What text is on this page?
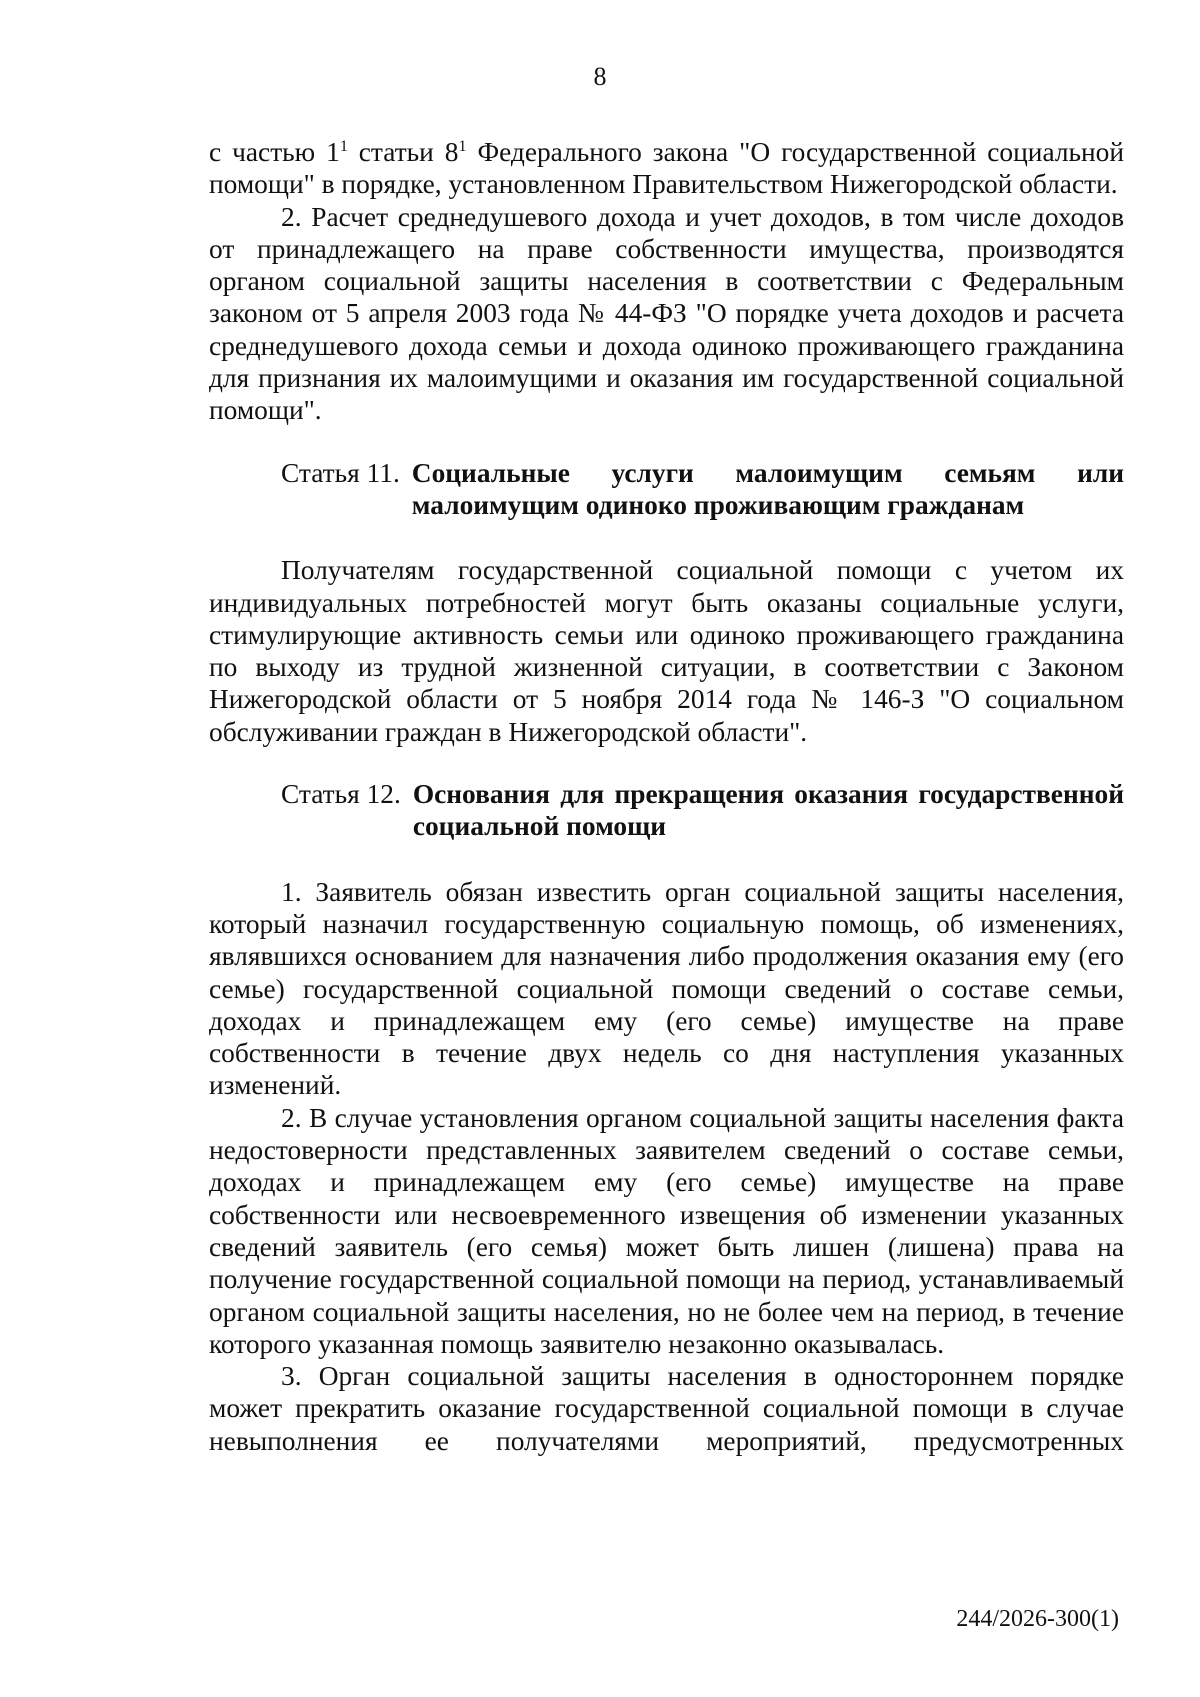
8

с частью $1^1$ статьи $8^1$ Федерального закона "О государственной социальной помощи" в порядке, установленном Правительством Нижегородской области.

2. Расчет среднедушевого дохода и учет доходов, в том числе доходов от принадлежащего на праве собственности имущества, производятся органом социальной защиты населения в соответствии с Федеральным законом от 5 апреля 2003 года № 44-ФЗ "О порядке учета доходов и расчета среднедушевого дохода семьи и дохода одиноко проживающего гражданина для признания их малоимущими и оказания им государственной социальной помощи".

Статья 11. Социальные услуги малоимущим семьям или малоимущим одиноко проживающим гражданам

Получателям государственной социальной помощи с учетом их индивидуальных потребностей могут быть оказаны социальные услуги, стимулирующие активность семьи или одиноко проживающего гражданина по выходу из трудной жизненной ситуации, в соответствии с Законом Нижегородской области от 5 ноября 2014 года № 146-З "О социальном обслуживании граждан в Нижегородской области".

Статья 12. Основания для прекращения оказания государственной социальной помощи

1. Заявитель обязан известить орган социальной защиты населения, который назначил государственную социальную помощь, об изменениях, являвшихся основанием для назначения либо продолжения оказания ему (его семье) государственной социальной помощи сведений о составе семьи, доходах и принадлежащем ему (его семье) имуществе на праве собственности в течение двух недель со дня наступления указанных изменений.

2. В случае установления органом социальной защиты населения факта недостоверности представленных заявителем сведений о составе семьи, доходах и принадлежащем ему (его семье) имуществе на праве собственности или несвоевременного извещения об изменении указанных сведений заявитель (его семья) может быть лишен (лишена) права на получение государственной социальной помощи на период, устанавливаемый органом социальной защиты населения, но не более чем на период, в течение которого указанная помощь заявителю незаконно оказывалась.

3. Орган социальной защиты населения в одностороннем порядке может прекратить оказание государственной социальной помощи в случае невыполнения ее получателями мероприятий, предусмотренных

244/2026-300(1)
